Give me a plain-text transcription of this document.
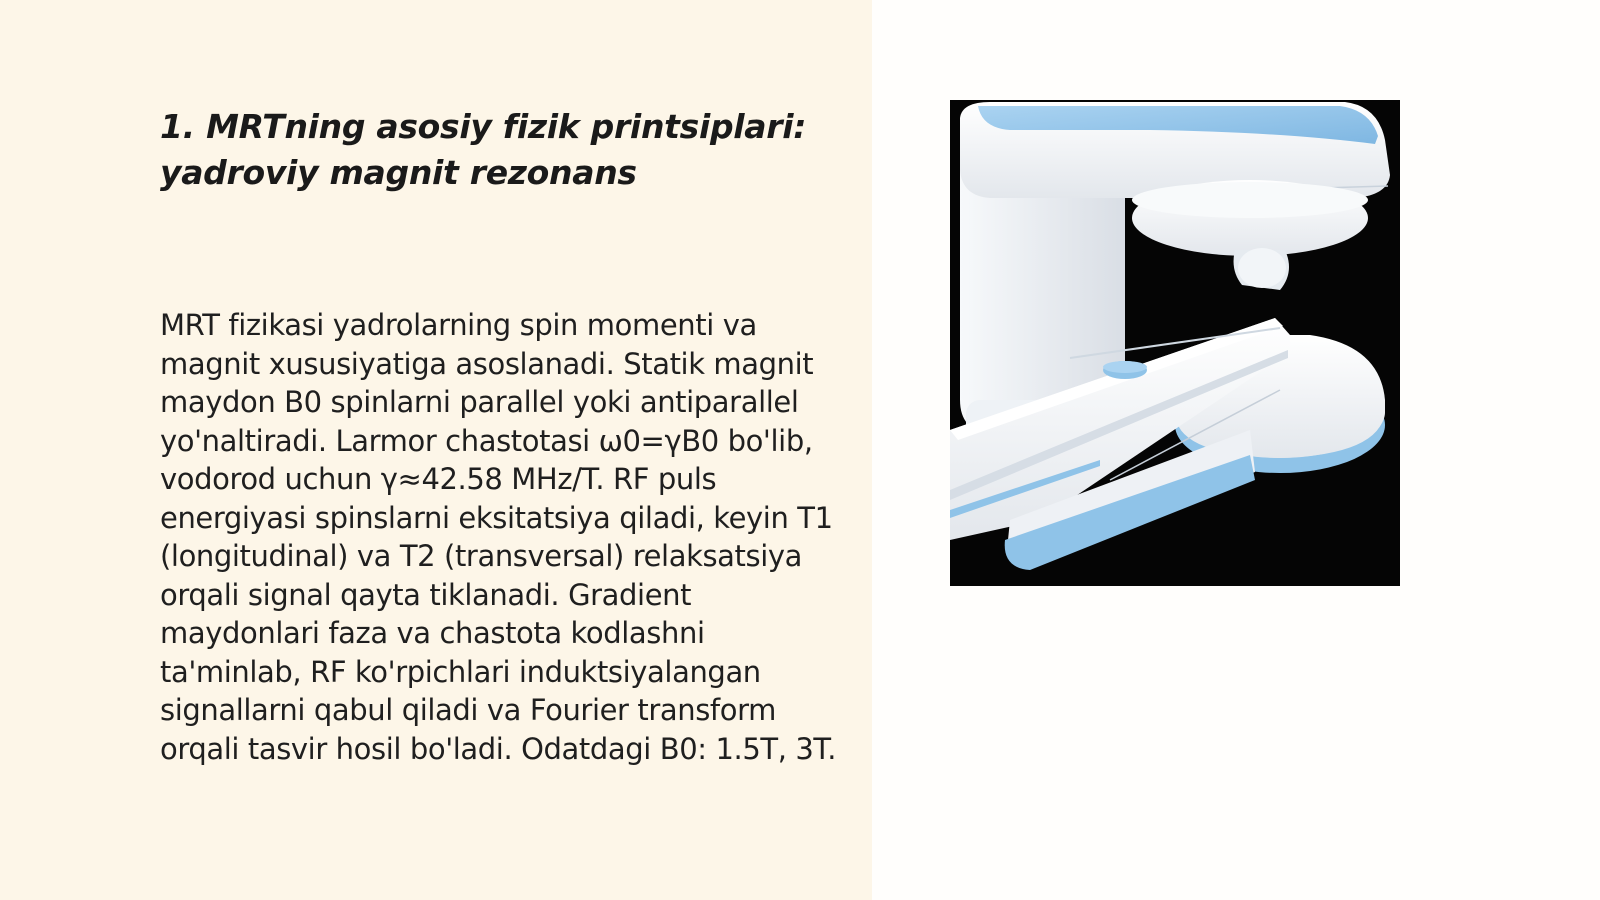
1. MRTning asosiy fizik printsiplari: yadroviy magnit rezonans

MRT fizikasi yadrolarning spin momenti va magnit xususiyatiga asoslanadi. Statik magnit maydon B0 spinlarni parallel yoki antiparallel yo'naltiradi. Larmor chastotasi ω0=γB0 bo'lib, vodorod uchun γ≈42.58 MHz/T. RF puls energiyasi spinslarni eksitatsiya qiladi, keyin T1 (longitudinal) va T2 (transversal) relaksatsiya orqali signal qayta tiklanadi. Gradient maydonlari faza va chastota kodlashni ta'minlab, RF ko'rpichlari induktsiyalangan signallarni qabul qiladi va Fourier transform orqali tasvir hosil bo'ladi. Odatdagi B0: 1.5T, 3T.
